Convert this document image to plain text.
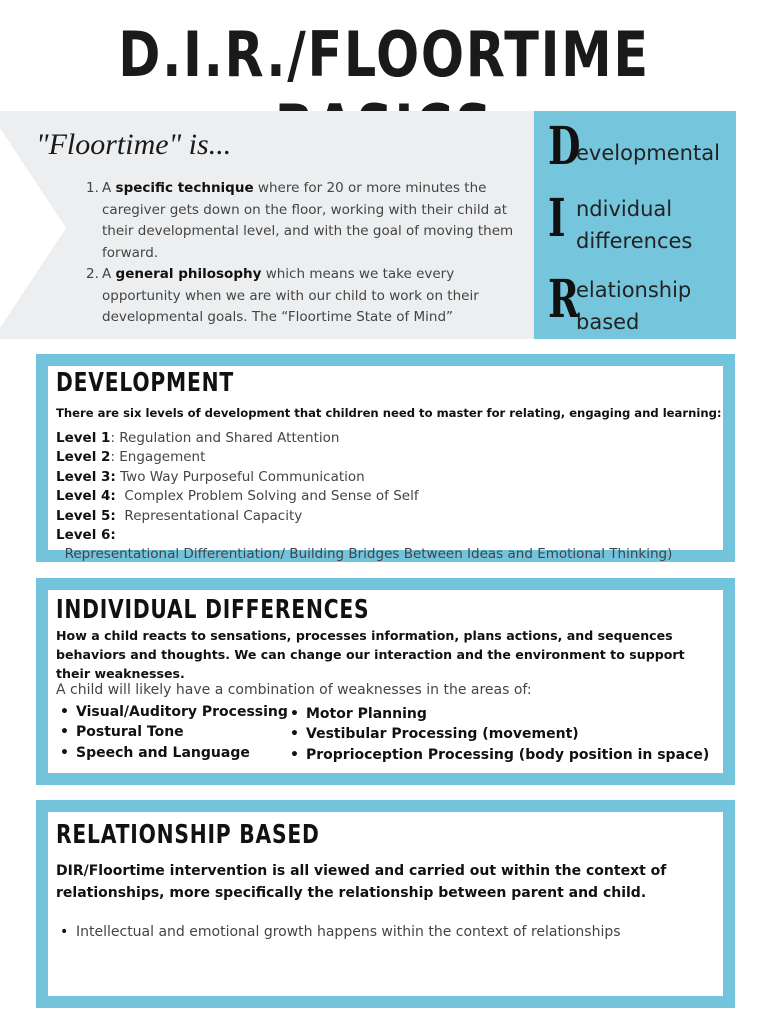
D.I.R./FLOORTIME
"Floortime" is...
1. A specific technique where for 20 or more minutes the caregiver gets down on the floor, working with their child at their developmental level, and with the goal of moving them forward.
2. A general philosophy which means we take every opportunity when we are with our child to work on their developmental goals. The “Floortime State of Mind”
D
evelopmental
I ndividual
differences
R
elationship
based
DEVELOPMENT
There are six levels of development that children need to master for relating, engaging and learning:
Level 1: Regulation and Shared Attention
Level 2: Engagement
Level 3: Two Way Purposeful Communication
Level 4:  Complex Problem Solving and Sense of Self
Level 5:  Representational Capacity
Level 6:  Representational Differentiation/ Building Bridges Between Ideas and Emotional Thinking)
INDIVIDUAL DIFFERENCES
How a child reacts to sensations, processes information, plans actions, and sequences behaviors and thoughts. We can change our interaction and the environment to support their weaknesses.
A child will likely have a combination of weaknesses in the areas of:
• Visual/Auditory Processing
• Postural Tone
• Speech and Language
• Motor Planning
• Vestibular Processing (movement)
• Proprioception Processing (body position in space)
RELATIONSHIP BASED
DIR/Floortime intervention is all viewed and carried out within the context of relationships, more specifically the relationship between parent and child.
• Intellectual and emotional growth happens within the context of relationships
